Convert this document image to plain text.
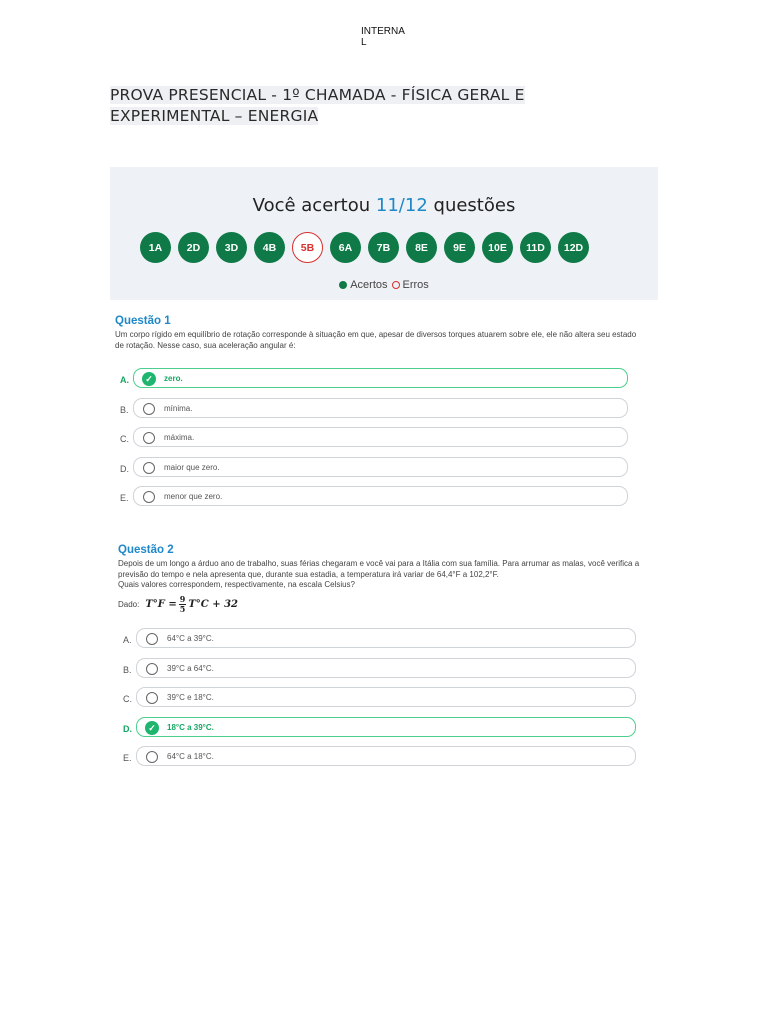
INTERNAL
PROVA PRESENCIAL - 1º CHAMADA - FÍSICA GERAL E EXPERIMENTAL – ENERGIA
Você acertou 11/12 questões
1A	2D	3D	4B	5B	6A	7B	8E	9E	10E	11D	12D
Acertos Erros
Questão 1
Um corpo rígido em equilíbrio de rotação corresponde à situação em que, apesar de diversos torques atuarem sobre ele, ele não altera seu estado de rotação. Nesse caso, sua aceleração angular é:
A.	✓	zero.
B.	mínima.
C.	máxima.
D.	maior que zero.
E.	menor que zero.
Questão 2
Depois de um longo a árduo ano de trabalho, suas férias chegaram e você vai para a Itália com sua família. Para arrumar as malas, você verifica a previsão do tempo e nela apresenta que, durante sua estadia, a temperatura irá variar de 64,4°F a 102,2°F.
Quais valores correspondem, respectivamente, na escala Celsius?
Dado: $T^\circ F = \frac{9}{5} T^\circ C + 32$
A.	64°C a 39°C.
B.	39°C a 64°C.
C.	39°C e 18°C.
D.	✓	18°C a 39°C.
E.	64°C a 18°C.
